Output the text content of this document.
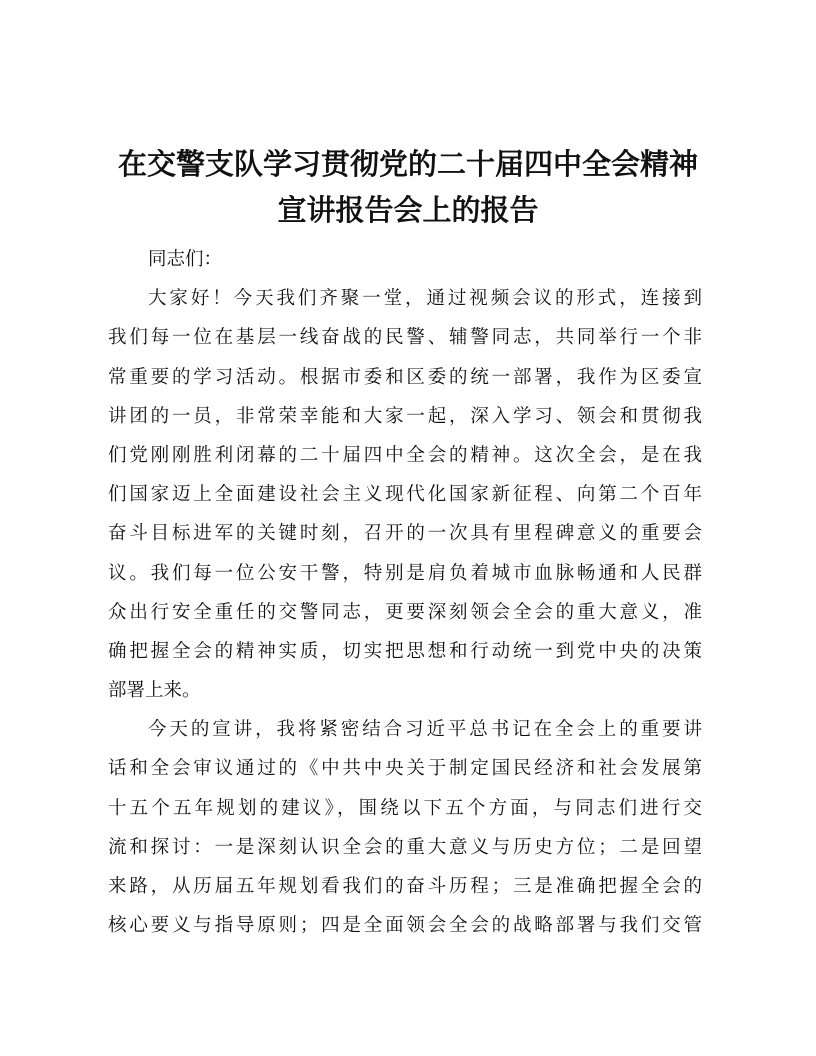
在交警支队学习贯彻党的二十届四中全会精神
宣讲报告会上的报告

同志们：

大家好！今天我们齐聚一堂，通过视频会议的形式，连接到
我们每一位在基层一线奋战的民警、辅警同志，共同举行一个非
常重要的学习活动。根据市委和区委的统一部署，我作为区委宣
讲团的一员，非常荣幸能和大家一起，深入学习、领会和贯彻我
们党刚刚胜利闭幕的二十届四中全会的精神。这次全会，是在我
们国家迈上全面建设社会主义现代化国家新征程、向第二个百年
奋斗目标进军的关键时刻，召开的一次具有里程碑意义的重要会
议。我们每一位公安干警，特别是肩负着城市血脉畅通和人民群
众出行安全重任的交警同志，更要深刻领会全会的重大意义，准
确把握全会的精神实质，切实把思想和行动统一到党中央的决策
部署上来。

今天的宣讲，我将紧密结合习近平总书记在全会上的重要讲
话和全会审议通过的《中共中央关于制定国民经济和社会发展第
十五个五年规划的建议》，围绕以下五个方面，与同志们进行交
流和探讨：一是深刻认识全会的重大意义与历史方位；二是回望
来路，从历届五年规划看我们的奋斗历程；三是准确把握全会的
核心要义与指导原则；四是全面领会全会的战略部署与我们交管
